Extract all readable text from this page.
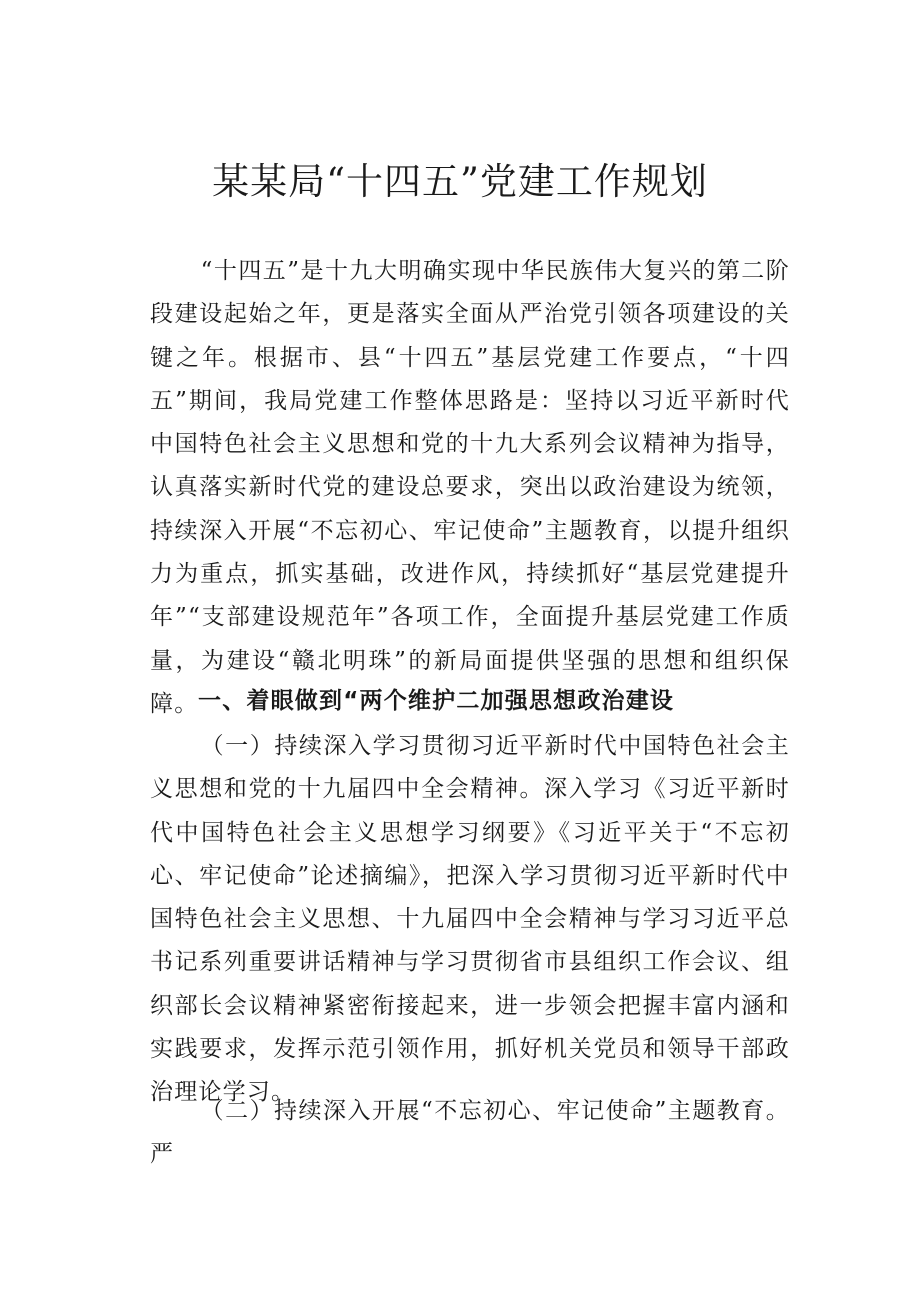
某某局“十四五”党建工作规划

“十四五”是十九大明确实现中华民族伟大复兴的第二阶段建设起始之年，更是落实全面从严治党引领各项建设的关键之年。根据市、县“十四五”基层党建工作要点，“十四五”期间，我局党建工作整体思路是：坚持以习近平新时代中国特色社会主义思想和党的十九大系列会议精神为指导，认真落实新时代党的建设总要求，突出以政治建设为统领，持续深入开展“不忘初心、牢记使命”主题教育，以提升组织力为重点，抓实基础，改进作风，持续抓好“基层党建提升年”“支部建设规范年”各项工作，全面提升基层党建工作质量，为建设“赣北明珠”的新局面提供坚强的思想和组织保障。 一、着眼做到“两个维护二加强思想政治建设

（一）持续深入学习贯彻习近平新时代中国特色社会主义思想和党的十九届四中全会精神。深入学习《习近平新时代中国特色社会主义思想学习纲要》《习近平关于“不忘初心、牢记使命”论述摘编》，把深入学习贯彻习近平新时代中国特色社会主义思想、十九届四中全会精神与学习习近平总书记系列重要讲话精神与学习贯彻省市县组织工作会议、组织部长会议精神紧密衔接起来，进一步领会把握丰富内涵和实践要求，发挥示范引领作用，抓好机关党员和领导干部政治理论学习。

（二）持续深入开展“不忘初心、牢记使命”主题教育。严
